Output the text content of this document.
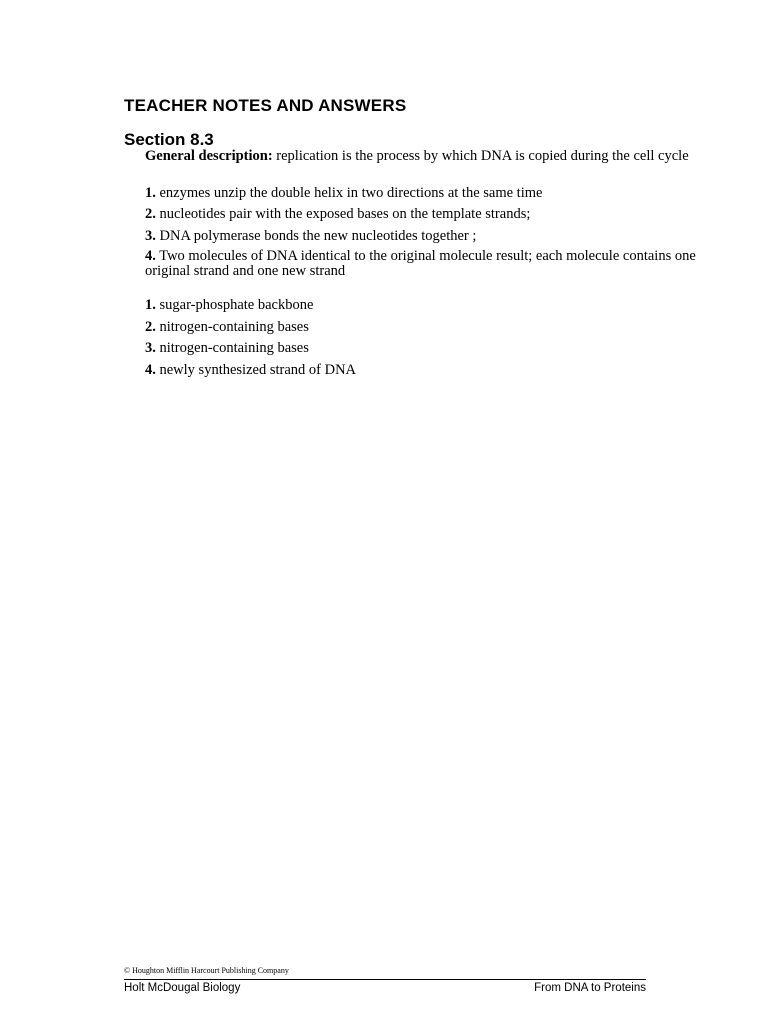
TEACHER NOTES AND ANSWERS
Section 8.3
General description: replication is the process by which DNA is copied during the cell cycle
1. enzymes unzip the double helix in two directions at the same time
2. nucleotides pair with the exposed bases on the template strands;
3. DNA polymerase bonds the new nucleotides together ;
4. Two molecules of DNA identical to the original molecule result; each molecule contains one original strand and one new strand
1. sugar-phosphate backbone
2. nitrogen-containing bases
3. nitrogen-containing bases
4. newly synthesized strand of DNA
© Houghton Mifflin Harcourt Publishing Company
Holt McDougal Biology	From DNA to Proteins
